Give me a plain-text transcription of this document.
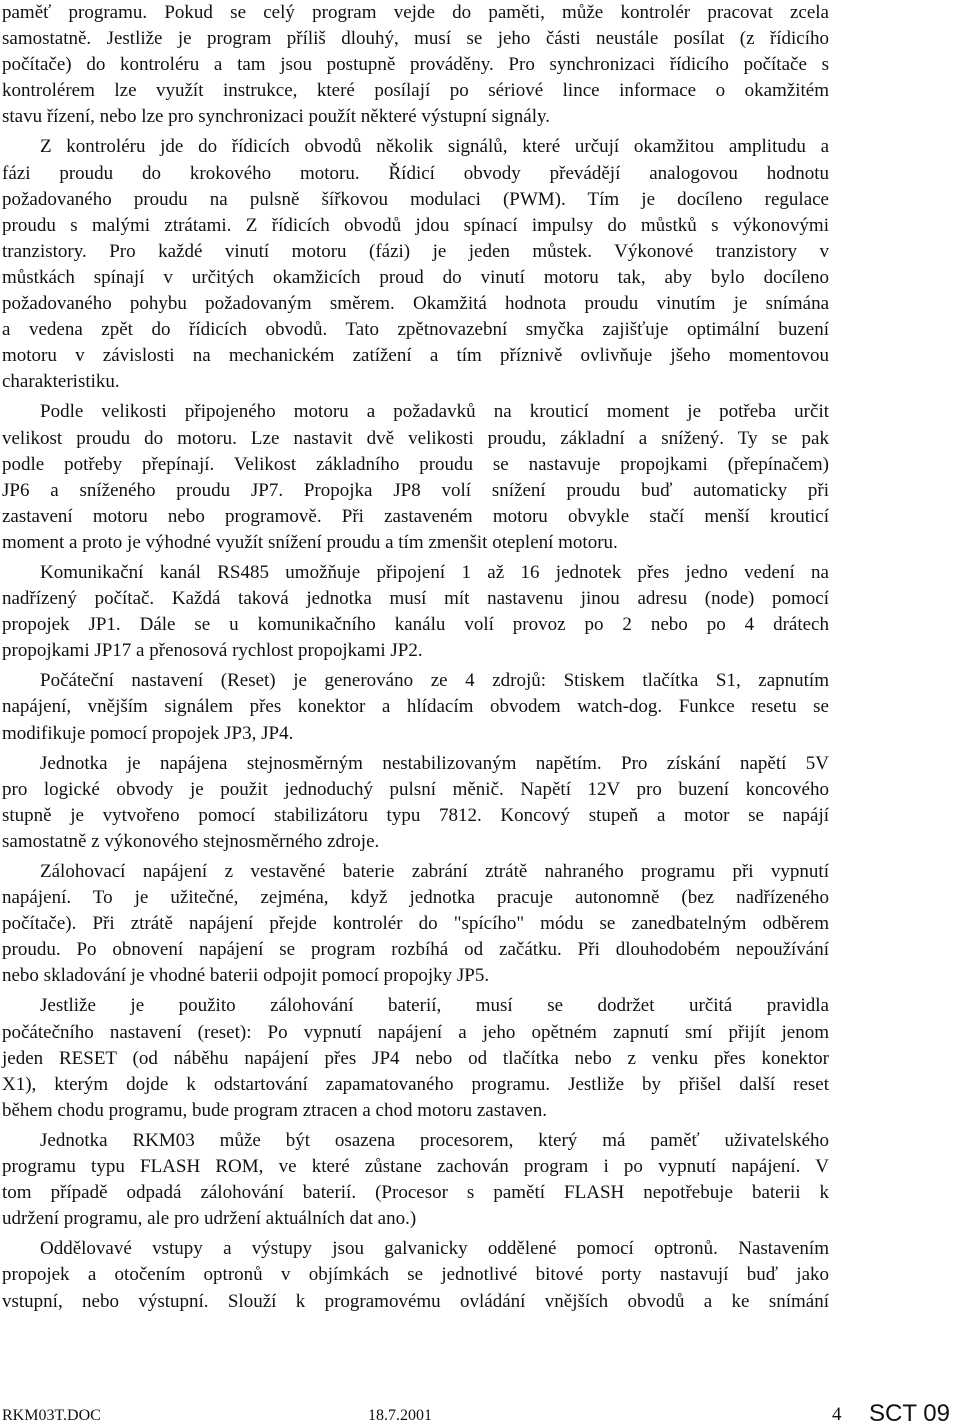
paměť programu. Pokud se celý program vejde do paměti, může kontrolér pracovat zcela
samostatně. Jestliže je program příliš dlouhý, musí se jeho části neustále posílat (z řídicího
počítače) do kontroléru a tam jsou postupně prováděny. Pro synchronizaci řídicího počítače s
kontrolérem lze využít instrukce, které posílají po sériové lince informace o okamžitém
stavu řízení, nebo lze pro synchronizaci použít některé výstupní signály.
Z kontroléru jde do řídicích obvodů několik signálů, které určují okamžitou amplitudu a
fázi proudu do krokového motoru. Řídicí obvody převádějí analogovou hodnotu
požadovaného proudu na pulsně šířkovou modulaci (PWM). Tím je docíleno regulace
proudu s malými ztrátami. Z řídicích obvodů jdou spínací impulsy do můstků s výkonovými
tranzistory. Pro každé vinutí motoru (fázi) je jeden můstek. Výkonové tranzistory v
můstkách spínají v určitých okamžicích proud do vinutí motoru tak, aby bylo docíleno
požadovaného pohybu požadovaným směrem. Okamžitá hodnota proudu vinutím je snímána
a vedena zpět do řídicích obvodů. Tato zpětnovazební smyčka zajišťuje optimální buzení
motoru v závislosti na mechanickém zatížení a tím příznivě ovlivňuje jšeho momentovou
charakteristiku.
Podle velikosti připojeného motoru a požadavků na krouticí moment je potřeba určit
velikost proudu do motoru. Lze nastavit dvě velikosti proudu, základní a snížený. Ty se pak
podle potřeby přepínají. Velikost základního proudu se nastavuje propojkami (přepínačem)
JP6 a sníženého proudu JP7. Propojka JP8 volí snížení proudu buď automaticky při
zastavení motoru nebo programově. Při zastaveném motoru obvykle stačí menší krouticí
moment a proto je výhodné využít snížení proudu a tím zmenšit oteplení motoru.
Komunikační kanál RS485 umožňuje připojení 1 až 16 jednotek přes jedno vedení na
nadřízený počítač. Každá taková jednotka musí mít nastavenu jinou adresu (node) pomocí
propojek JP1. Dále se u komunikačního kanálu volí provoz po 2 nebo po 4 drátech
propojkami JP17 a přenosová rychlost propojkami JP2.
Počáteční nastavení (Reset) je generováno ze 4 zdrojů: Stiskem tlačítka S1, zapnutím
napájení, vnějším signálem přes konektor a hlídacím obvodem watch-dog. Funkce resetu se
modifikuje pomocí propojek JP3, JP4.
Jednotka je napájena stejnosměrným nestabilizovaným napětím. Pro získání napětí 5V
pro logické obvody je použit jednoduchý pulsní měnič. Napětí 12V pro buzení koncového
stupně je vytvořeno pomocí stabilizátoru typu 7812. Koncový stupeň a motor se napájí
samostatně z výkonového stejnosměrného zdroje.
Zálohovací napájení z vestavěné baterie zabrání ztrátě nahraného programu při vypnutí
napájení. To je užitečné, zejména, když jednotka pracuje autonomně (bez nadřízeného
počítače). Při ztrátě napájení přejde kontrolér do "spícího" módu se zanedbatelným odběrem
proudu. Po obnovení napájení se program rozbíhá od začátku. Při dlouhodobém nepoužívání
nebo skladování je vhodné baterii odpojit pomocí propojky JP5.
Jestliže je použito zálohování baterií, musí se dodržet určitá pravidla
počátečního nastavení (reset): Po vypnutí napájení a jeho opětném zapnutí smí přijít jenom
jeden RESET (od náběhu napájení přes JP4 nebo od tlačítka nebo z venku přes konektor
X1), kterým dojde k odstartování zapamatovaného programu. Jestliže by přišel další reset
během chodu programu, bude program ztracen a chod motoru zastaven.
Jednotka RKM03 může být osazena procesorem, který má paměť uživatelského
programu typu FLASH ROM, ve které zůstane zachován program i po vypnutí napájení. V
tom případě odpadá zálohování baterií. (Procesor s pamětí FLASH nepotřebuje baterii k
udržení programu, ale pro udržení aktuálních dat ano.)
Oddělovavé vstupy a výstupy jsou galvanicky oddělené pomocí optronů. Nastavením
propojek a otočením optronů v objímkách se jednotlivé bitové porty nastavují buď jako
vstupní, nebo výstupní. Slouží k programovému ovládání vnějších obvodů a ke snímání
RKM03T.DOC	18.7.2001	4 SCT 09
